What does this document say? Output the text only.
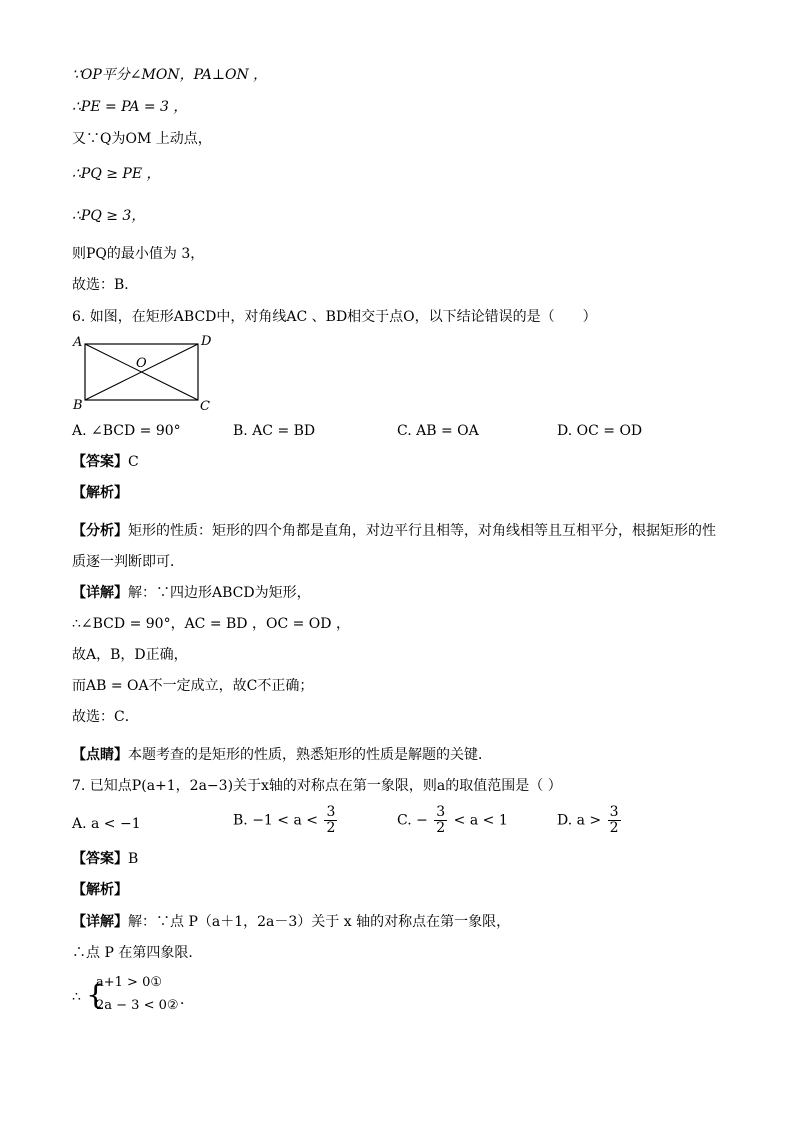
∵OP平分∠MON，PA⊥ON ，
∴PE = PA = 3 ，
又∵Q为OM 上动点，
∴PQ ≥ PE ，
∴PQ ≥ 3，
则PQ的最小值为 3，
故选：B．
6. 如图，在矩形ABCD中，对角线AC 、BD相交于点O，以下结论错误的是（　　）
A	D
B	C
O
A. ∠BCD = 90°	B. AC = BD	C. AB = OA	D. OC = OD
【答案】C
【解析】
【分析】矩形的性质：矩形的四个角都是直角，对边平行且相等，对角线相等且互相平分，根据矩形的性
质逐一判断即可．
【详解】解：∵四边形ABCD为矩形，
∴∠BCD = 90°，AC = BD ，OC = OD ，
故A，B，D正确，
而AB = OA不一定成立，故C不正确；
故选：C．
【点睛】本题考查的是矩形的性质，熟悉矩形的性质是解题的关键．
7. 已知点P(a+1，2a−3)关于x轴的对称点在第一象限，则a的取值范围是（ ）
A. a < −1	B. $-1 < a < \frac{3}{2}$	C. − $\frac{3}{2} < a < 1$	D. $a > \frac{3}{2}$
【答案】B
【解析】
【详解】解：∵点 P（a＋1，2a－3）关于 x 轴的对称点在第一象限，
∴点 P 在第四象限．
∴ {
a+1 > 0①
2a − 3 < 0② ．
